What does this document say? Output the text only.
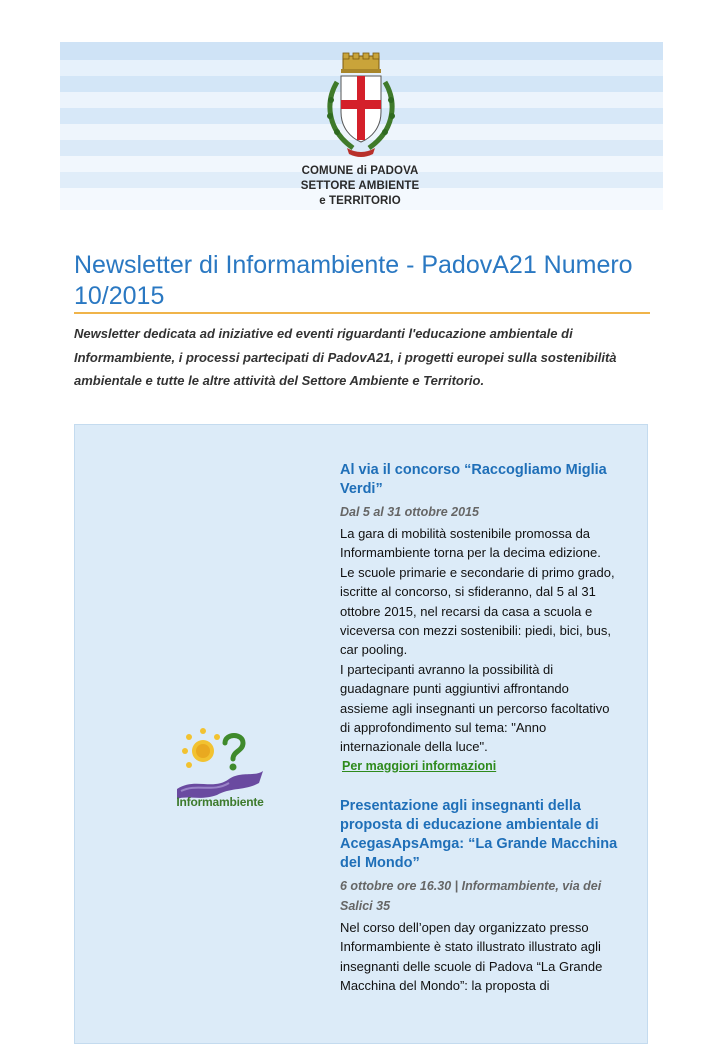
COMUNE di PADOVA
SETTORE AMBIENTE
e TERRITORIO
Newsletter di Informambiente - PadovA21 Numero 10/2015
Newsletter dedicata ad iniziative ed eventi riguardanti l'educazione ambientale di Informambiente, i processi partecipati di PadovA21, i progetti europei sulla sostenibilità ambientale e tutte le altre attività del Settore Ambiente e Territorio.
Informambiente
Al via il concorso “Raccogliamo Miglia Verdi”
Dal 5 al 31 ottobre 2015

La gara di mobilità sostenibile promossa da Informambiente torna per la decima edizione.

Le scuole primarie e secondarie di primo grado, iscritte al concorso, si sfideranno, dal 5 al 31 ottobre 2015, nel recarsi da casa a scuola e viceversa con mezzi sostenibili: piedi, bici, bus, car pooling.

I partecipanti avranno la possibilità di guadagnare punti aggiuntivi affrontando assieme agli insegnanti un percorso facoltativo di approfondimento sul tema: "Anno internazionale della luce".

Per maggiori informazioni
Presentazione agli insegnanti della proposta di educazione ambientale di AcegasApsAmga: “La Grande Macchina del Mondo”
6 ottobre ore 16.30 | Informambiente, via dei Salici 35

Nel corso dell’open day organizzato presso Informambiente è stato illustrato illustrato agli insegnanti delle scuole di Padova “La Grande Macchina del Mondo”: la proposta di
